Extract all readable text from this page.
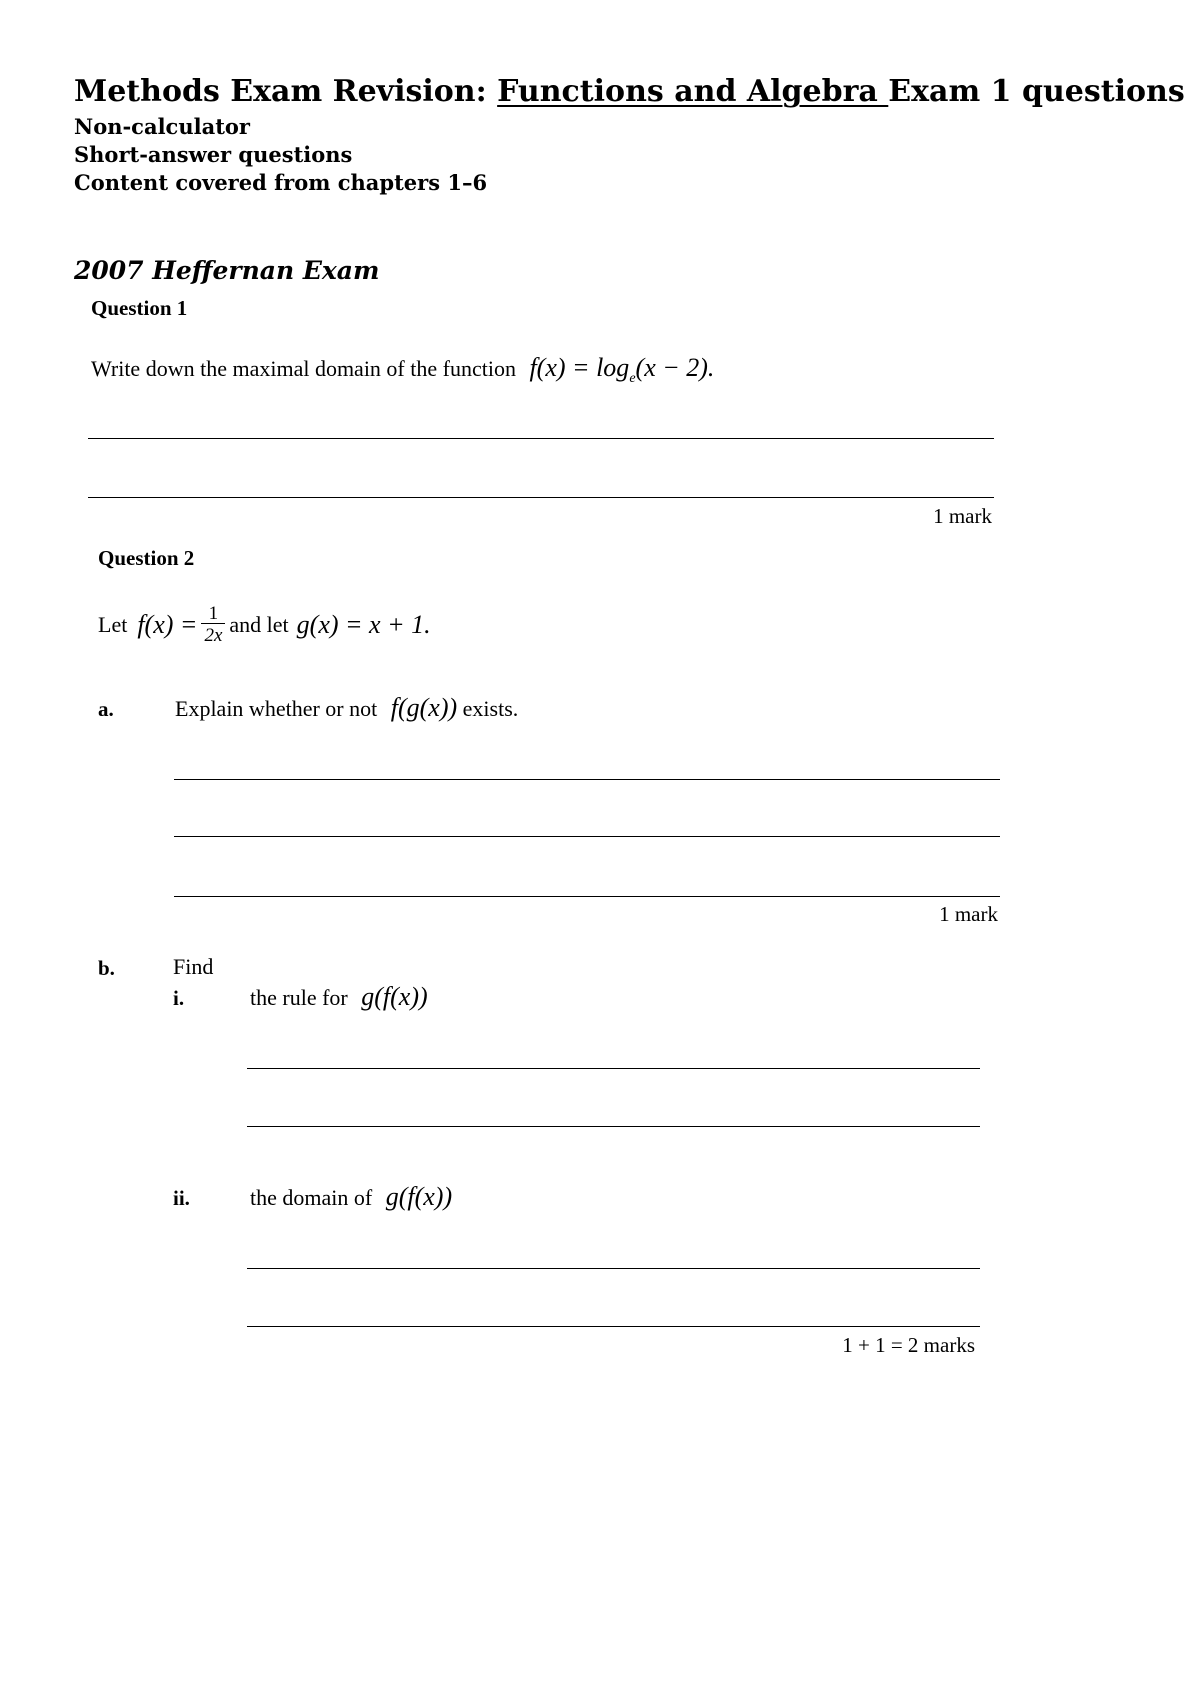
Methods Exam Revision: Functions and Algebra Exam 1 questions
Non-calculator
Short-answer questions
Content covered from chapters 1–6
2007 Heffernan Exam
Question 1
Write down the maximal domain of the function $f(x) = \log_e(x - 2)$.
1 mark
Question 2
Let $f(x) = \frac{1}{2x}$ and let g(x) = x + 1.
a.	Explain whether or not f(g(x)) exists.
1 mark
b.	Find
i.	the rule for g(f(x))
ii.	the domain of g(f(x))
1 + 1 = 2 marks
